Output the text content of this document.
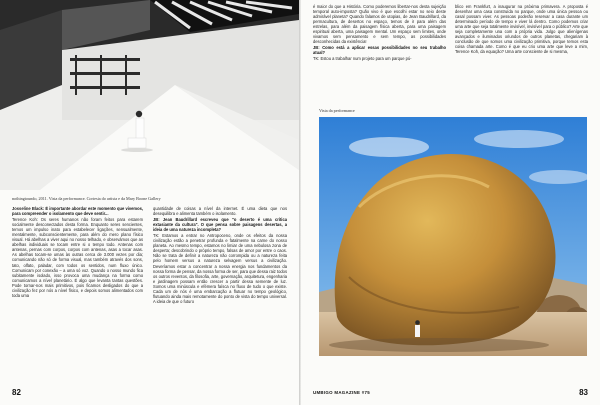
nothingtoundo, 2011. Vista da performance. Cortesia do artista e da Mary Boone Gallery

Josseline Black: É importante abordar este momento que vivemos, para compreender o isolamento que deve sentir...

Terence Koh: Os seres humanos não foram feitos para estarem socialmente desconectados desta forma. Enquanto seres sencientes, temos um impulso inato para estabelecer ligações, sensualmente, mentalmente, subconscientemente, para além do mero plano físico visual. Há abelhas a viver aqui no nosso telhado, e observámos que as abelhas individuais se tocam entre si o tempo todo. Antenas com antenas, pernas com corpos, corpos com antenas, asas a tocar asas. As abelhas tocam-se umas às outras cerca de 3.000 vezes por dia; comunicando não só de forma visual, mas também através dos sons, tato, olfato, paladar, com todos os sentidos, num fluxo único. Comunicam por conexão – a uma só voz. Quando o nosso mundo fica subitamente isolado, isso provoca uma mudança na forma como comunicamos a nível planetário. É algo que levanta tantas questões. Pode tornar-nos mais primitivos, pois ficamos desligados do que a civilização fez por nós a nível físico, e depois somos alimentados com toda uma

quantidade de coisas a nível da internet. É uma dieta que nos desequilibra e alimenta também o isolamento.

JB: Jean Baudrillard escreveu que "o deserto é uma crítica extasiante da cultura". O que pensa sobre paisagens desertas, a ideia de uma natureza incompleta?

TK: Estamos a entrar no Antropoceno, onde os efeitos da nossa civilização estão a penetrar profunda e fatalmente na carne do nosso planeta. Ao mesmo tempo, estamos no limiar de uma nebulosa zona de desperta; descobrindo o próprio tempo, falsas de amor por entre o caos. Não se trata de definir a natureza não corrompida ou a natureza feita pelo homem versus a natureza selvagem versus a civilização. Deveríamos estar a concentrar a nossa energia nos fundamentos da nossa forma de pensar, da nossa forma de ser, para que dessa raiz todos os outros reventos, da filosofia, arte, governação, arquitetura, engenharia e jardinagem possam então crescer a partir dessa semente de luz. Somos uma minúscula e efémera faísca no fluxo de tudo o que existe. Cada um de nós é uma embarcação a flutuar no tempo geológico, flutuando ainda mais remotamente do ponto de vista do tempo universal. A ideia de que o futuro

82

é maior do que a História. Como poderemos libertar-nos desta sujeição temporal auto-imposta? Quão vivo é que escolhi estar no seio deste admirável planeta? Quando falamos de utopias, de Jean Baudrillard, da permacultura, de desertos no espaço, temos de ir para além das estrelas, para além da paisagem física aberta, para uma paisagem espiritual aberta, uma paisagem mental. Um espaço sem limites, onde vivamos sem pensamento e sem tempo, as possibilidades desconhecidas da existência!

JB: Como está a aplicar essas possibilidades no seu trabalho atual?

TK: Estou a trabalhar num projeto para um parque pú-

blico em Frankfurt, a inaugurar na próxima primavera. A proposta é desenhar uma casa construída no parque, onde uma única pessoa ou casal possam viver. As pessoas poderão reservar a casa durante um determinado período de tempo e viver lá dentro. Como podemos criar uma arte que seja totalmente invisível, invisível para o público? Arte que seja completamente una com a própria vida. Julgo que alienígenas avançados e iluminados oriundos de outros planetas, chegariam à conclusão de que somos uma civilização primitiva, porque temos esta coisa chamada arte. Como é que eu crio uma arte que leve a mim, Terence Koh, da equação? Uma arte consciente de si mesma,

Vista da performance
UMBIGO MAGAZINE #75	83
